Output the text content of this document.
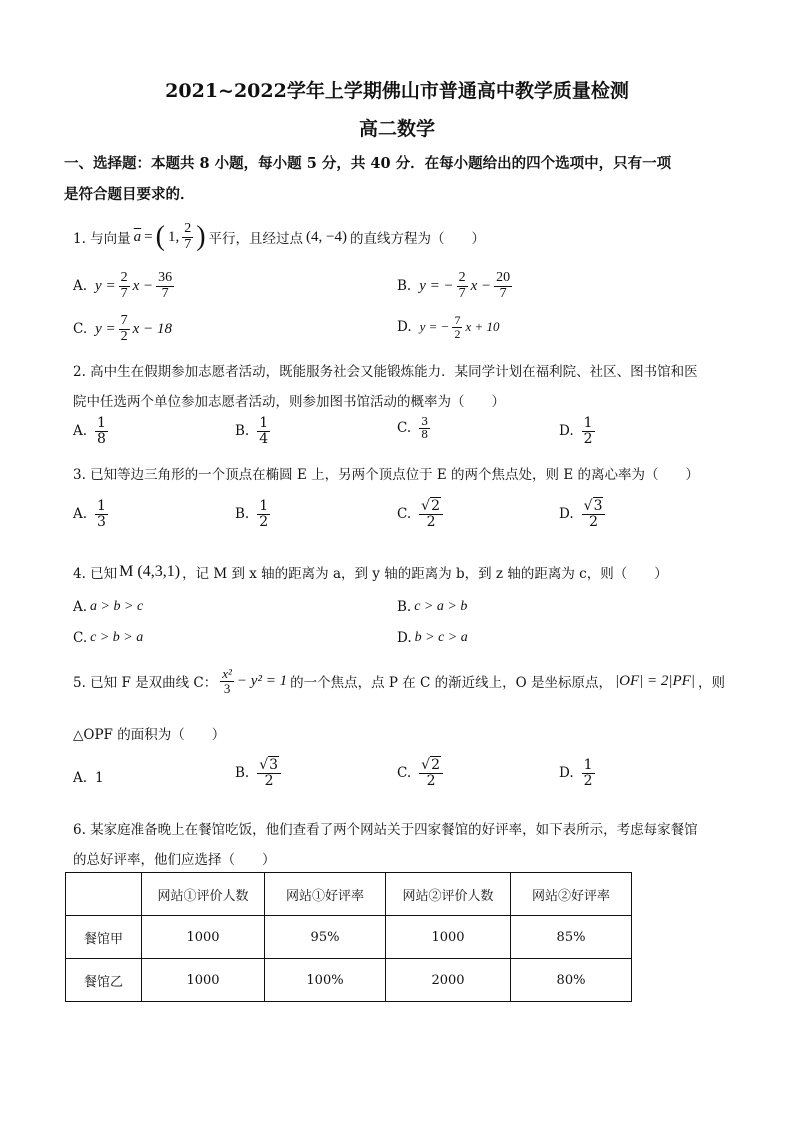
2021~2022学年上学期佛山市普通高中教学质量检测
高二数学
一、选择题：本题共 8 小题，每小题 5 分，共 40 分．在每小题给出的四个选项中，只有一项
是符合题目要求的．
1. 与向量 $\overline{a}$ = ( 1, $\frac{2}{7}$ ) 平行，且经过点 (4, −4) 的直线方程为（　　）
A. $y = \frac{2}{7}$ $x - \frac{36}{7}$	B. y = − $\frac{2}{7}$ $x - \frac{20}{7}$
C. $y = \frac{7}{2}$ x − 18	D. y = − $\frac{7}{2}$ x + 10
2. 高中生在假期参加志愿者活动，既能服务社会又能锻炼能力．某同学计划在福利院、社区、图书馆和医
院中任选两个单位参加志愿者活动，则参加图书馆活动的概率为（　　）
A. $\frac{1}{8}$	B. $\frac{1}{4}$	C. $\frac{3}{8}$	D. $\frac{1}{2}$
3. 已知等边三角形的一个顶点在椭圆 E 上，另两个顶点位于 E 的两个焦点处，则 E 的离心率为（　　）
A. $\frac{1}{3}$	B. $\frac{1}{2}$	C. $\frac{√2}{2}$	D. $\frac{√3}{2}$
4. 已知 M (4,3,1) ，记 M 到 x 轴的距离为 a，到 y 轴的距离为 b，到 z 轴的距离为 c，则（　　）
A. a > b > c	B. c > a > b
C. c > b > a	D. b > c > a
5. 已知 F 是双曲线 C： $\frac{\text{x²}}{3} - y^2 = 1$ 的一个焦点，点 P 在 C 的渐近线上，O 是坐标原点， |OF| = 2|PF| ，则
△OPF 的面积为（　　）
A. 1	B. $\frac{√3}{2}$	C. $\frac{√2}{2}$	D. $\frac{1}{2}$
6. 某家庭准备晚上在餐馆吃饭，他们查看了两个网站关于四家餐馆的好评率，如下表所示，考虑每家餐馆
的总好评率，他们应选择（　　）
	网站①评价人数	网站①好评率	网站②评价人数	网站②好评率
餐馆甲	1000	95%	1000	85%
餐馆乙	1000	100%	2000	80%
